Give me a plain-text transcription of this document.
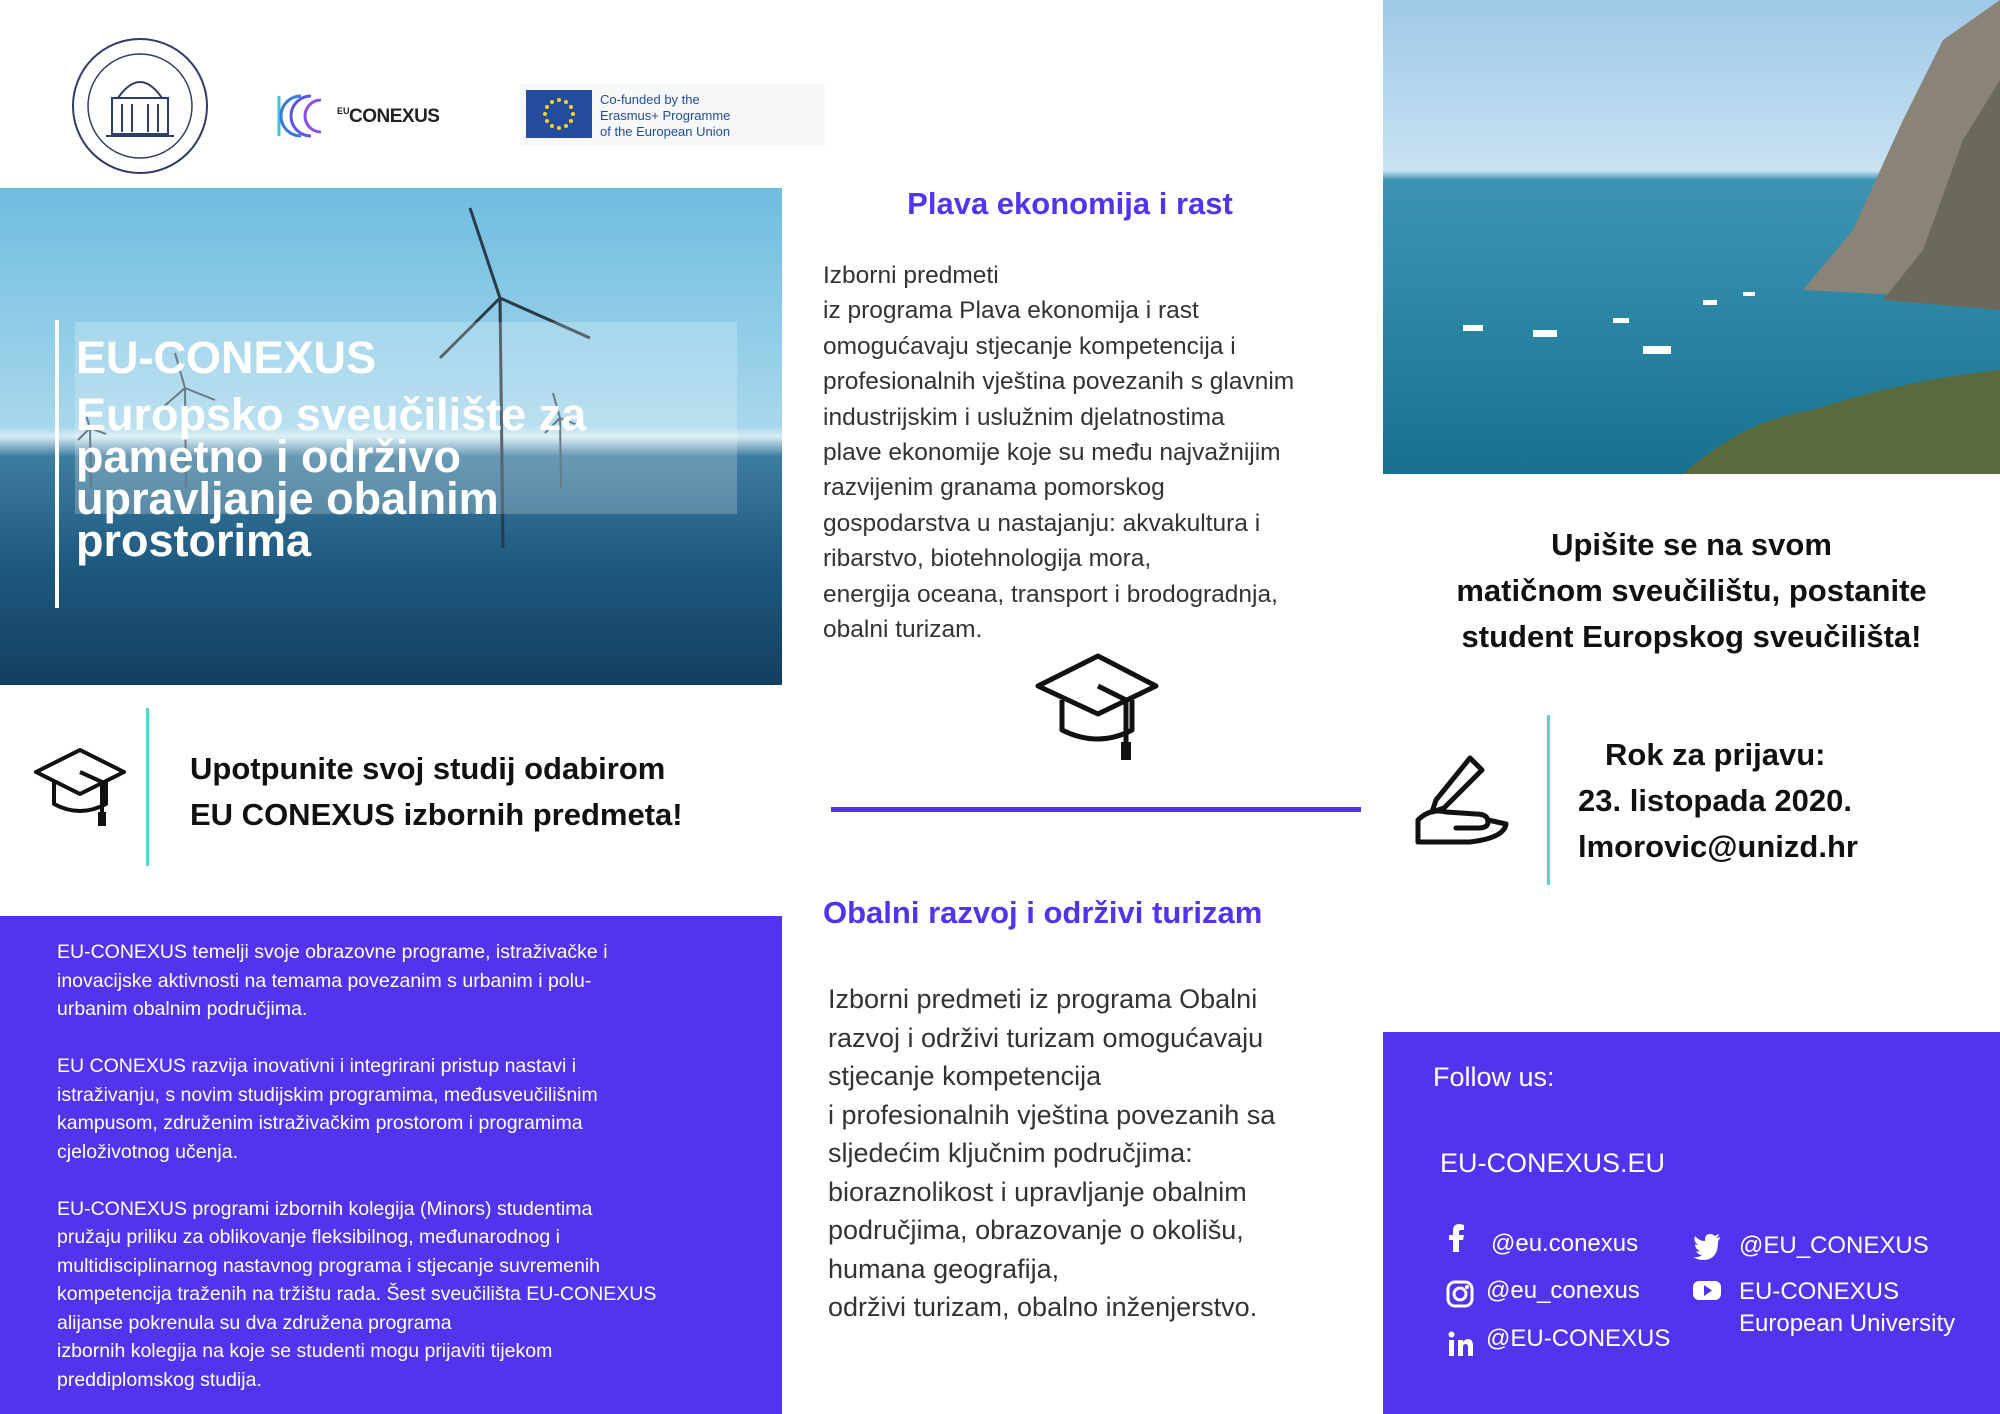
EU CONEXUS
Co-funded by the
Erasmus+ Programme
of the European Union
EU-CONEXUS
Europsko sveučilište za
pametno i održivo
upravljanje obalnim
prostorima
Upotpunite svoj studij odabirom
EU CONEXUS izbornih predmeta!
EU-CONEXUS temelji svoje obrazovne programe, istraživačke i
inovacijske aktivnosti na temama povezanim s urbanim i polu-
urbanim obalnim područjima.

EU CONEXUS razvija inovativni i integrirani pristup nastavi i
istraživanju, s novim studijskim programima, međusveučilišnim
kampusom, združenim istraživačkim prostorom i programima
cjeloživotnog učenja.

EU-CONEXUS programi izbornih kolegija (Minors) studentima
pružaju priliku za oblikovanje fleksibilnog, međunarodnog i
multidisciplinarnog nastavnog programa i stjecanje suvremenih
kompetencija traženih na tržištu rada. Šest sveučilišta EU-CONEXUS
alijanse pokrenula su dva združena programa
izbornih kolegija na koje se studenti mogu prijaviti tijekom
preddiplomskog studija.
Plava ekonomija i rast
Izborni predmeti
iz programa Plava ekonomija i rast
omogućavaju stjecanje kompetencija i
profesionalnih vještina povezanih s glavnim
industrijskim i uslužnim djelatnostima
plave ekonomije koje su među najvažnijim
razvijenim granama pomorskog
gospodarstva u nastajanju: akvakultura i
ribarstvo, biotehnologija mora,
energija oceana, transport i brodogradnja,
obalni turizam.
Obalni razvoj i održivi turizam
Izborni predmeti iz programa Obalni
razvoj i održivi turizam omogućavaju
stjecanje kompetencija
i profesionalnih vještina povezanih sa
sljedećim ključnim područjima:
bioraznolikost i upravljanje obalnim
područjima, obrazovanje o okolišu,
humana geografija,
održivi turizam, obalno inženjerstvo.
Upišite se na svom
matičnom sveučilištu, postanite
student Europskog sveučilišta!
Rok za prijavu:
23. listopada 2020.
lmorovic@unizd.hr
Follow us:
EU-CONEXUS.EU
@eu.conexus
@eu_conexus
@EU-CONEXUS
@EU_CONEXUS
EU-CONEXUS
European University
